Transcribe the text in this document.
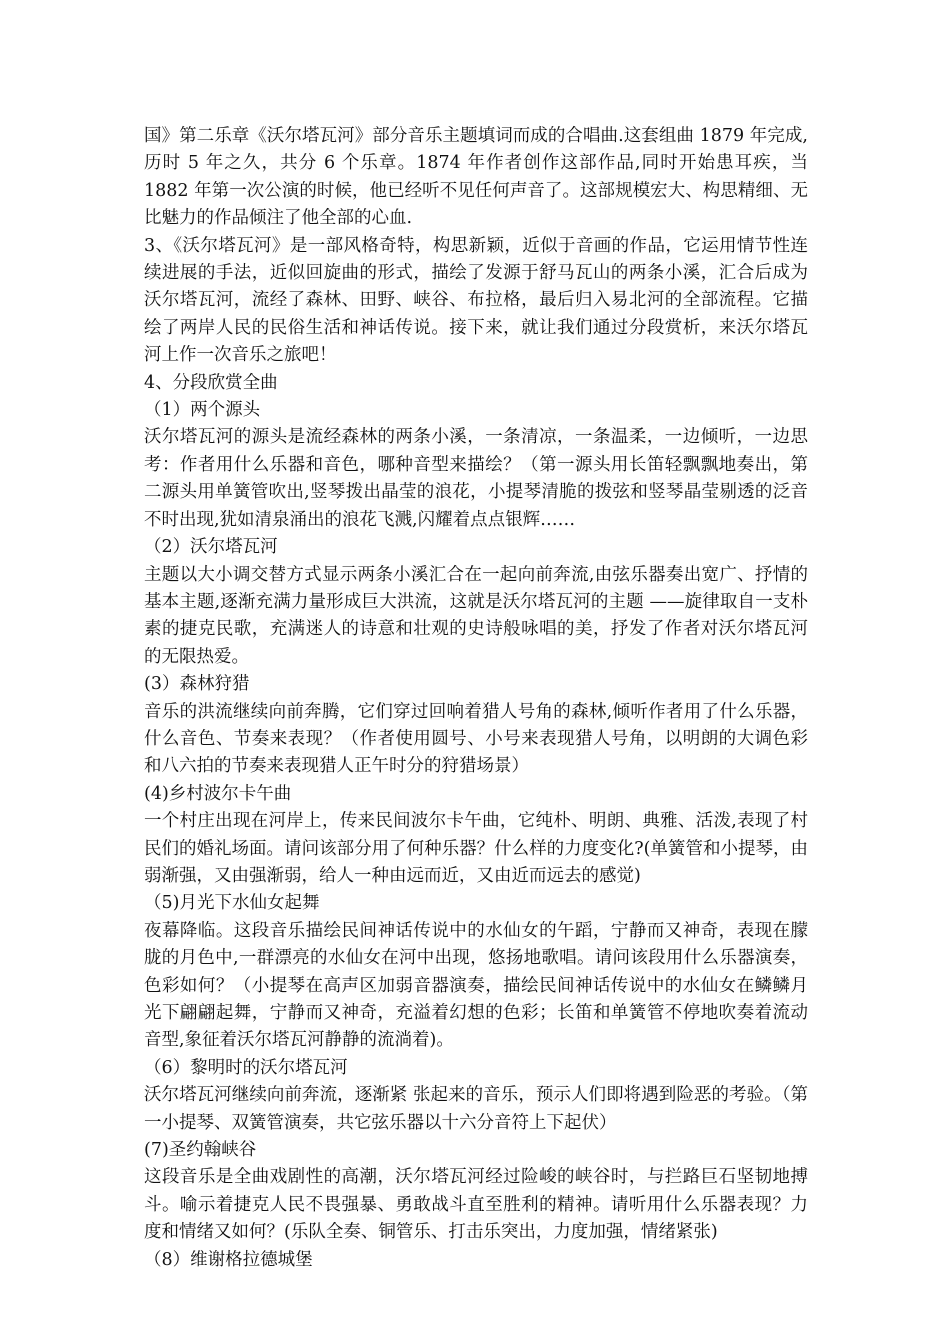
国》第二乐章《沃尔塔瓦河》部分音乐主题填词而成的合唱曲.这套组曲 1879 年完成,历时 5 年之久，共分 6 个乐章。1874 年作者创作这部作品,同时开始患耳疾，当 1882 年第一次公演的时候，他已经听不见任何声音了。这部规模宏大、构思精细、无比魅力的作品倾注了他全部的心血.

3、《沃尔塔瓦河》是一部风格奇特，构思新颖，近似于音画的作品，它运用情节性连续进展的手法，近似回旋曲的形式，描绘了发源于舒马瓦山的两条小溪，汇合后成为沃尔塔瓦河，流经了森林、田野、峡谷、布拉格，最后归入易北河的全部流程。它描绘了两岸人民的民俗生活和神话传说。接下来，就让我们通过分段赏析，来沃尔塔瓦河上作一次音乐之旅吧！

4、分段欣赏全曲

（1）两个源头

沃尔塔瓦河的源头是流经森林的两条小溪，一条清凉，一条温柔，一边倾听，一边思考：作者用什么乐器和音色，哪种音型来描绘？（第一源头用长笛轻飘飘地奏出，第二源头用单簧管吹出,竖琴拨出晶莹的浪花，小提琴清脆的拨弦和竖琴晶莹剔透的泛音不时出现,犹如清泉涌出的浪花飞溅,闪耀着点点银辉……

（2）沃尔塔瓦河

主题以大小调交替方式显示两条小溪汇合在一起向前奔流,由弦乐器奏出宽广、抒情的基本主题,逐渐充满力量形成巨大洪流，这就是沃尔塔瓦河的主题 ——旋律取自一支朴素的捷克民歌，充满迷人的诗意和壮观的史诗般咏唱的美，抒发了作者对沃尔塔瓦河的无限热爱。

(3）森林狩猎

音乐的洪流继续向前奔腾，它们穿过回响着猎人号角的森林,倾听作者用了什么乐器，什么音色、节奏来表现？（作者使用圆号、小号来表现猎人号角，以明朗的大调色彩和八六拍的节奏来表现猎人正午时分的狩猎场景）

(4)乡村波尔卡午曲

一个村庄出现在河岸上，传来民间波尔卡午曲，它纯朴、明朗、典雅、活泼,表现了村民们的婚礼场面。请问该部分用了何种乐器？什么样的力度变化?(单簧管和小提琴，由弱渐强，又由强渐弱，给人一种由远而近，又由近而远去的感觉)

（5)月光下水仙女起舞

夜幕降临。这段音乐描绘民间神话传说中的水仙女的午蹈，宁静而又神奇，表现在朦胧的月色中,一群漂亮的水仙女在河中出现，悠扬地歌唱。请问该段用什么乐器演奏，色彩如何？（小提琴在高声区加弱音器演奏，描绘民间神话传说中的水仙女在鳞鳞月光下翩翩起舞，宁静而又神奇，充溢着幻想的色彩；长笛和单簧管不停地吹奏着流动音型,象征着沃尔塔瓦河静静的流淌着)。

（6）黎明时的沃尔塔瓦河

沃尔塔瓦河继续向前奔流，逐渐紧 张起来的音乐，预示人们即将遇到险恶的考验。（第一小提琴、双簧管演奏，共它弦乐器以十六分音符上下起伏）

(7)圣约翰峡谷

这段音乐是全曲戏剧性的高潮，沃尔塔瓦河经过险峻的峡谷时，与拦路巨石坚韧地搏斗。喻示着捷克人民不畏强暴、勇敢战斗直至胜利的精神。请听用什么乐器表现？力度和情绪又如何？(乐队全奏、铜管乐、打击乐突出，力度加强，情绪紧张)

（8）维谢格拉德城堡
